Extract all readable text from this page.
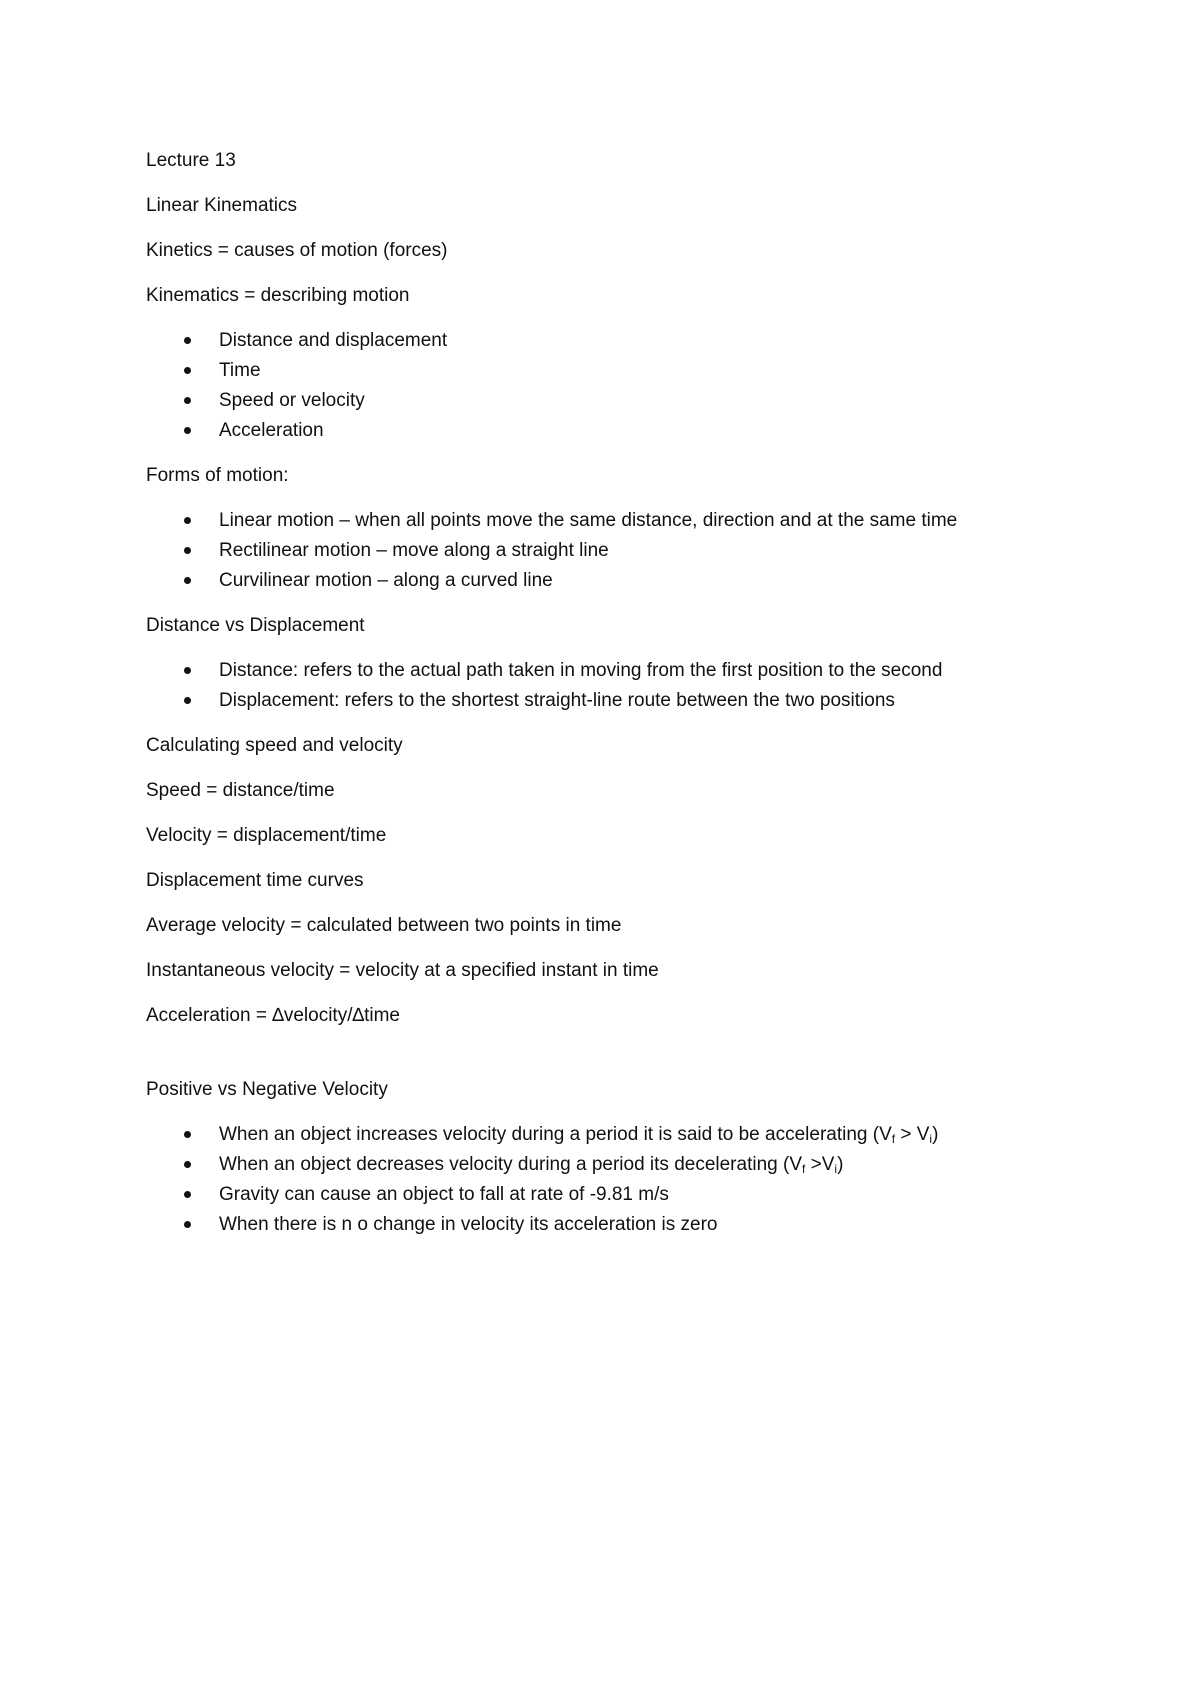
Lecture 13

Linear Kinematics

Kinetics = causes of motion (forces)

Kinematics = describing motion

Distance and displacement
Time
Speed or velocity
Acceleration

Forms of motion:

Linear motion – when all points move the same distance, direction and at the same time
Rectilinear motion – move along a straight line
Curvilinear motion – along a curved line

Distance vs Displacement

Distance: refers to the actual path taken in moving from the first position to the second
Displacement: refers to the shortest straight-line route between the two positions

Calculating speed and velocity

Speed = distance/time

Velocity = displacement/time

Displacement time curves

Average velocity = calculated between two points in time

Instantaneous velocity = velocity at a specified instant in time

Acceleration = ∆velocity/∆time

Positive vs Negative Velocity

When an object increases velocity during a period it is said to be accelerating $(V_f > V_i)$
When an object decreases velocity during a period its decelerating $(V_f >V_i)$
Gravity can cause an object to fall at rate of -9.81 m/s
When there is n o change in velocity its acceleration is zero
